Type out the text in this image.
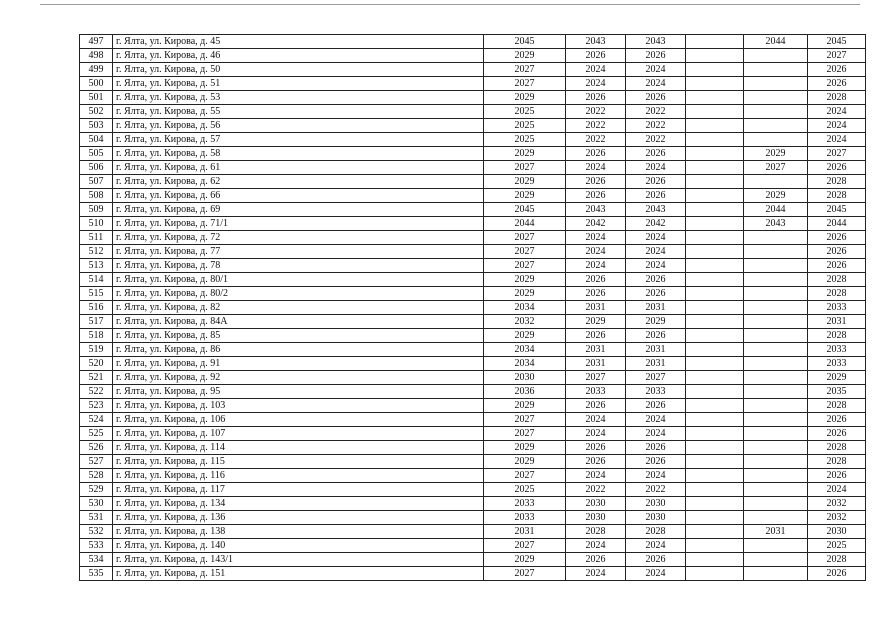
497	г. Ялта, ул. Кирова, д. 45	2045	2043	2043		2044	2045
498	г. Ялта, ул. Кирова, д. 46	2029	2026	2026			2027
499	г. Ялта, ул. Кирова, д. 50	2027	2024	2024			2026
500	г. Ялта, ул. Кирова, д. 51	2027	2024	2024			2026
501	г. Ялта, ул. Кирова, д. 53	2029	2026	2026			2028
502	г. Ялта, ул. Кирова, д. 55	2025	2022	2022			2024
503	г. Ялта, ул. Кирова, д. 56	2025	2022	2022			2024
504	г. Ялта, ул. Кирова, д. 57	2025	2022	2022			2024
505	г. Ялта, ул. Кирова, д. 58	2029	2026	2026		2029	2027
506	г. Ялта, ул. Кирова, д. 61	2027	2024	2024		2027	2026
507	г. Ялта, ул. Кирова, д. 62	2029	2026	2026			2028
508	г. Ялта, ул. Кирова, д. 66	2029	2026	2026		2029	2028
509	г. Ялта, ул. Кирова, д. 69	2045	2043	2043		2044	2045
510	г. Ялта, ул. Кирова, д. 71/1	2044	2042	2042		2043	2044
511	г. Ялта, ул. Кирова, д. 72	2027	2024	2024			2026
512	г. Ялта, ул. Кирова, д. 77	2027	2024	2024			2026
513	г. Ялта, ул. Кирова, д. 78	2027	2024	2024			2026
514	г. Ялта, ул. Кирова, д. 80/1	2029	2026	2026			2028
515	г. Ялта, ул. Кирова, д. 80/2	2029	2026	2026			2028
516	г. Ялта, ул. Кирова, д. 82	2034	2031	2031			2033
517	г. Ялта, ул. Кирова, д. 84А	2032	2029	2029			2031
518	г. Ялта, ул. Кирова, д. 85	2029	2026	2026			2028
519	г. Ялта, ул. Кирова, д. 86	2034	2031	2031			2033
520	г. Ялта, ул. Кирова, д. 91	2034	2031	2031			2033
521	г. Ялта, ул. Кирова, д. 92	2030	2027	2027			2029
522	г. Ялта, ул. Кирова, д. 95	2036	2033	2033			2035
523	г. Ялта, ул. Кирова, д. 103	2029	2026	2026			2028
524	г. Ялта, ул. Кирова, д. 106	2027	2024	2024			2026
525	г. Ялта, ул. Кирова, д. 107	2027	2024	2024			2026
526	г. Ялта, ул. Кирова, д. 114	2029	2026	2026			2028
527	г. Ялта, ул. Кирова, д. 115	2029	2026	2026			2028
528	г. Ялта, ул. Кирова, д. 116	2027	2024	2024			2026
529	г. Ялта, ул. Кирова, д. 117	2025	2022	2022			2024
530	г. Ялта, ул. Кирова, д. 134	2033	2030	2030			2032
531	г. Ялта, ул. Кирова, д. 136	2033	2030	2030			2032
532	г. Ялта, ул. Кирова, д. 138	2031	2028	2028		2031	2030
533	г. Ялта, ул. Кирова, д. 140	2027	2024	2024			2025
534	г. Ялта, ул. Кирова, д. 143/1	2029	2026	2026			2028
535	г. Ялта, ул. Кирова, д. 151	2027	2024	2024			2026
